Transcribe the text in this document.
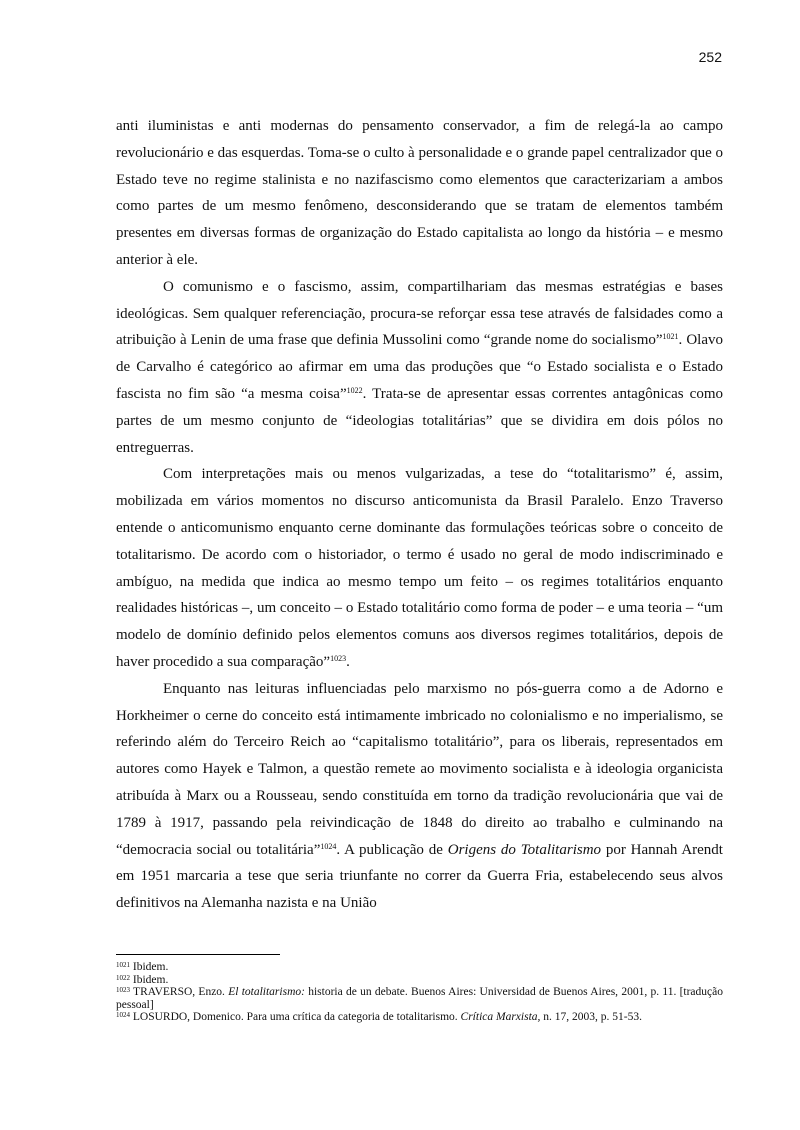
252

anti iluministas e anti modernas do pensamento conservador, a fim de relegá-la ao campo revolucionário e das esquerdas. Toma-se o culto à personalidade e o grande papel centralizador que o Estado teve no regime stalinista e no nazifascismo como elementos que caracterizariam a ambos como partes de um mesmo fenômeno, desconsiderando que se tratam de elementos também presentes em diversas formas de organização do Estado capitalista ao longo da história – e mesmo anterior à ele.

O comunismo e o fascismo, assim, compartilhariam das mesmas estratégias e bases ideológicas. Sem qualquer referenciação, procura-se reforçar essa tese através de falsidades como a atribuição à Lenin de uma frase que definia Mussolini como “grande nome do socialismo”$^{1021}$. Olavo de Carvalho é categórico ao afirmar em uma das produções que “o Estado socialista e o Estado fascista no fim são “a mesma coisa”$^{1022}$. Trata-se de apresentar essas correntes antagônicas como partes de um mesmo conjunto de “ideologias totalitárias” que se dividira em dois pólos no entreguerras.

Com interpretações mais ou menos vulgarizadas, a tese do “totalitarismo” é, assim, mobilizada em vários momentos no discurso anticomunista da Brasil Paralelo. Enzo Traverso entende o anticomunismo enquanto cerne dominante das formulações teóricas sobre o conceito de totalitarismo. De acordo com o historiador, o termo é usado no geral de modo indiscriminado e ambíguo, na medida que indica ao mesmo tempo um feito – os regimes totalitários enquanto realidades históricas –, um conceito – o Estado totalitário como forma de poder – e uma teoria – “um modelo de domínio definido pelos elementos comuns aos diversos regimes totalitários, depois de haver procedido a sua comparação”$^{1023}$.

Enquanto nas leituras influenciadas pelo marxismo no pós-guerra como a de Adorno e Horkheimer o cerne do conceito está intimamente imbricado no colonialismo e no imperialismo, se referindo além do Terceiro Reich ao “capitalismo totalitário”, para os liberais, representados em autores como Hayek e Talmon, a questão remete ao movimento socialista e à ideologia organicista atribuída à Marx ou a Rousseau, sendo constituída em torno da tradição revolucionária que vai de 1789 à 1917, passando pela reivindicação de 1848 do direito ao trabalho e culminando na “democracia social ou totalitária”$^{1024}$. A publicação de Origens do Totalitarismo por Hannah Arendt em 1951 marcaria a tese que seria triunfante no correr da Guerra Fria, estabelecendo seus alvos definitivos na Alemanha nazista e na União

$^{1021}$ Ibidem.

$^{1022}$ Ibidem.

$^{1023}$ TRAVERSO, Enzo. El totalitarismo: historia de un debate. Buenos Aires: Universidad de Buenos Aires, 2001, p. 11. [tradução pessoal]

$^{1024}$ LOSURDO, Domenico. Para uma crítica da categoria de totalitarismo. Crítica Marxista, n. 17, 2003, p. 51-53.
